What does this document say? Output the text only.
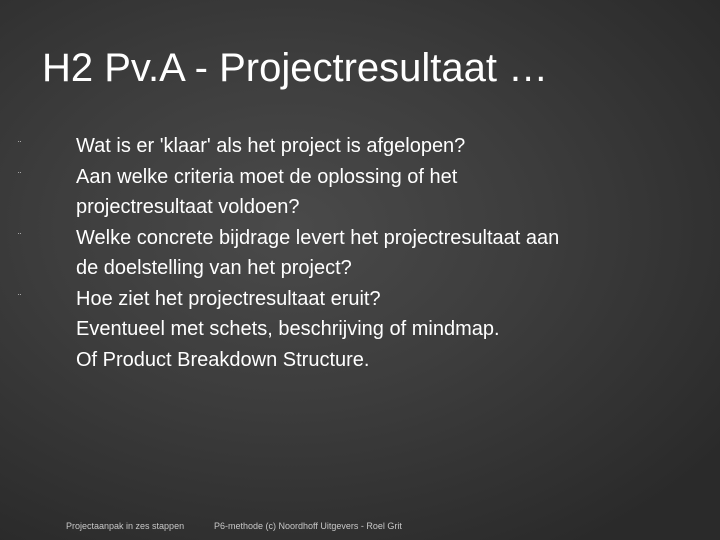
H2 Pv.A - Projectresultaat …
¨	Wat is er 'klaar' als het project is afgelopen?
¨	Aan welke criteria moet de oplossing of het
projectresultaat voldoen?
¨	Welke concrete bijdrage levert het projectresultaat aan
de doelstelling van het project?
¨	Hoe ziet het projectresultaat eruit?
Eventueel met schets, beschrijving of mindmap.
Of Product Breakdown Structure.
Projectaanpak in zes stappen	P6-methode (c) Noordhoff Uitgevers - Roel Grit
